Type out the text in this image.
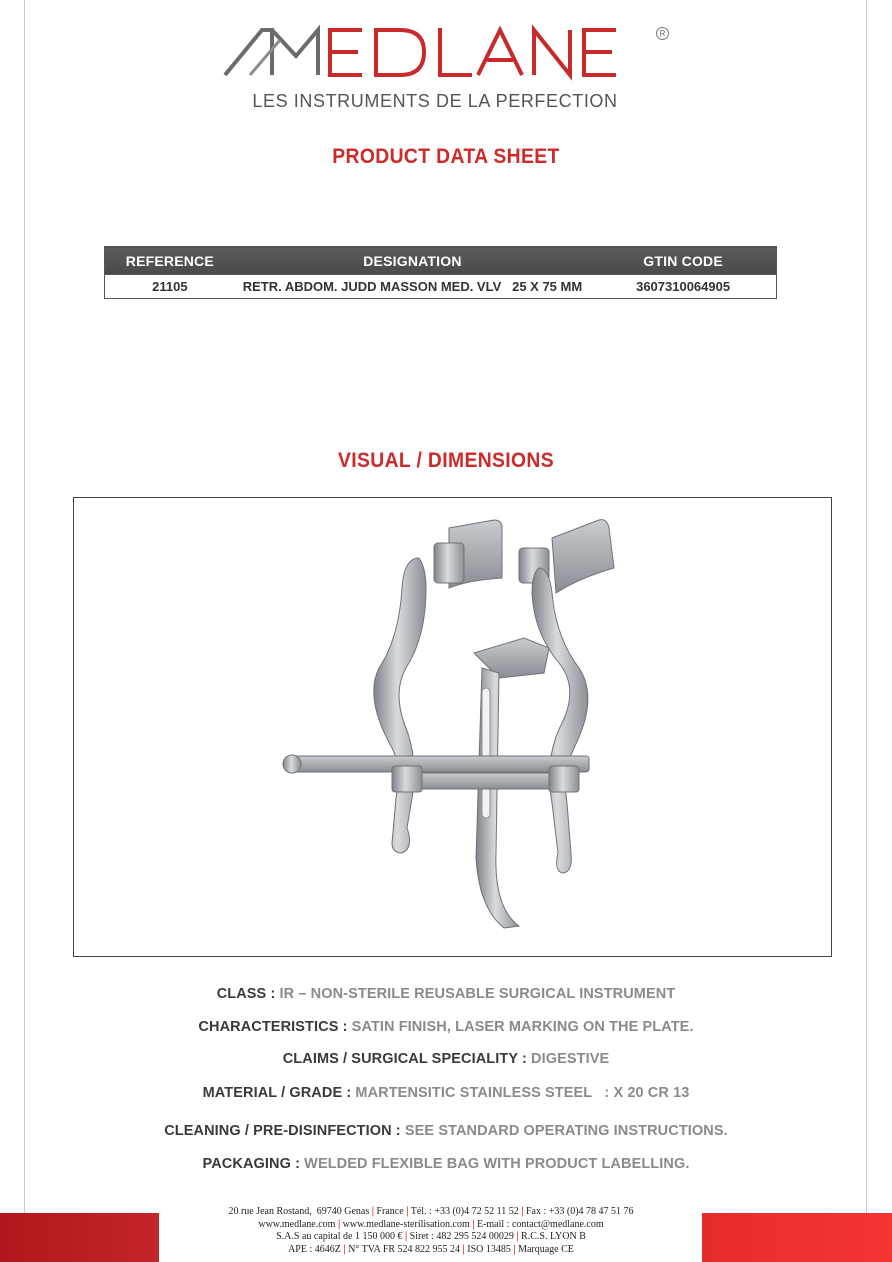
R
LES INSTRUMENTS DE LA PERFECTION
PRODUCT DATA SHEET
REFERENCE	DESIGNATION	GTIN CODE
21105	RETR. ABDOM. JUDD MASSON MED. VLV   25 X 75 MM	3607310064905
VISUAL / DIMENSIONS
CLASS : IR – NON-STERILE REUSABLE SURGICAL INSTRUMENT
CHARACTERISTICS : SATIN FINISH, LASER MARKING ON THE PLATE.
CLAIMS / SURGICAL SPECIALITY : DIGESTIVE
MATERIAL / GRADE : MARTENSITIC STAINLESS STEEL   : X 20 CR 13
CLEANING / PRE-DISINFECTION : SEE STANDARD OPERATING INSTRUCTIONS.
PACKAGING : WELDED FLEXIBLE BAG WITH PRODUCT LABELLING.
20 rue Jean Rostand,  69740 Genas | France | Tél. : +33 (0)4 72 52 11 52 | Fax : +33 (0)4 78 47 51 76
www.medlane.com | www.medlane-sterilisation.com | E-mail : contact@medlane.com
S.A.S au capital de 1 150 000 € | Siret : 482 295 524 00029 | R.C.S. LYON B
APE : 4646Z | N° TVA FR 524 822 955 24 | ISO 13485 | Marquage CE
